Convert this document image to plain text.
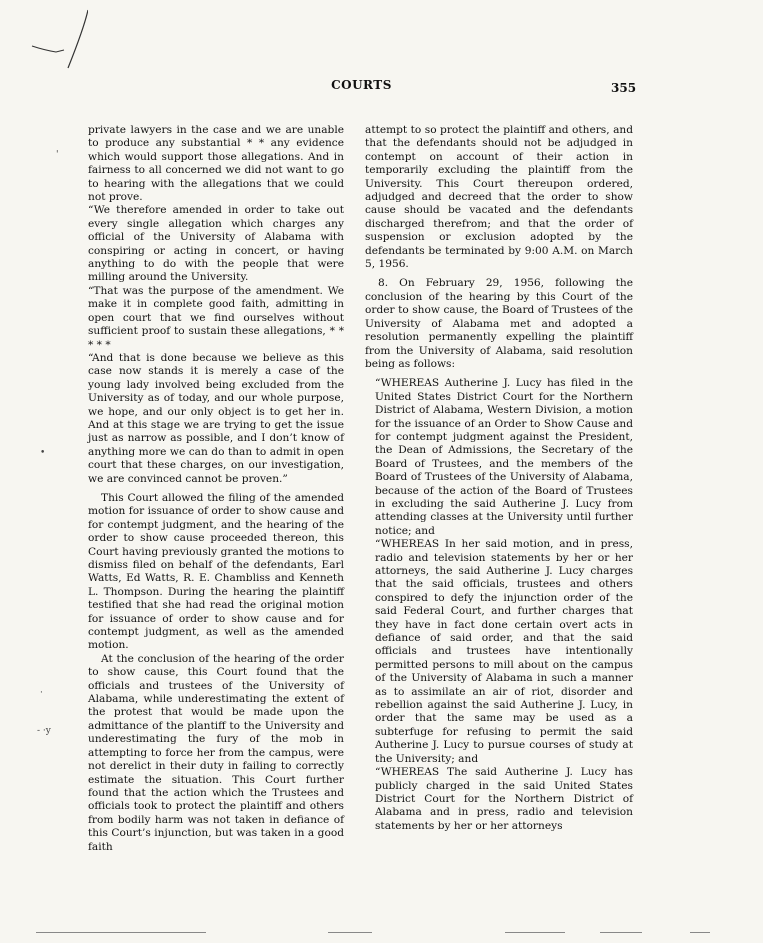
COURTS	355
'
•
·
- ·y

private lawyers in the case and we are unable to produce any substantial * * any evidence which would support those allegations. And in fairness to all concerned we did not want to go to hearing with the allegations that we could not prove.

“We therefore amended in order to take out every single allegation which charges any official of the University of Alabama with conspiring or acting in concert, or having anything to do with the people that were milling around the University.

“That was the purpose of the amendment. We make it in complete good faith, admitting in open court that we find ourselves without sufficient proof to sustain these allegations, * * * * *

“And that is done because we believe as this case now stands it is merely a case of the young lady involved being excluded from the University as of today, and our whole purpose, we hope, and our only object is to get her in. And at this stage we are trying to get the issue just as narrow as possible, and I don’t know of anything more we can do than to admit in open court that these charges, on our investigation, we are convinced cannot be proven.”

This Court allowed the filing of the amended motion for issuance of order to show cause and for contempt judgment, and the hearing of the order to show cause proceeded thereon, this Court having previously granted the motions to dismiss filed on behalf of the defendants, Earl Watts, Ed Watts, R. E. Chambliss and Kenneth L. Thompson. During the hearing the plaintiff testified that she had read the original motion for issuance of order to show cause and for contempt judgment, as well as the amended motion.

At the conclusion of the hearing of the order to show cause, this Court found that the officials and trustees of the University of Alabama, while underestimating the extent of the protest that would be made upon the admittance of the plantiff to the University and underestimating the fury of the mob in attempting to force her from the campus, were not derelict in their duty in failing to correctly estimate the situation. This Court further found that the action which the Trustees and officials took to protect the plaintiff and others from bodily harm was not taken in defiance of this Court’s injunction, but was taken in a good faith

attempt to so protect the plaintiff and others, and that the defendants should not be adjudged in contempt on account of their action in temporarily excluding the plaintiff from the University. This Court thereupon ordered, adjudged and decreed that the order to show cause should be vacated and the defendants discharged therefrom; and that the order of suspension or exclusion adopted by the defendants be terminated by 9:00 A.M. on March 5, 1956.

8. On February 29, 1956, following the conclusion of the hearing by this Court of the order to show cause, the Board of Trustees of the University of Alabama met and adopted a resolution permanently expelling the plaintiff from the University of Alabama, said resolution being as follows:

“WHEREAS Autherine J. Lucy has filed in the United States District Court for the Northern District of Alabama, Western Division, a motion for the issuance of an Order to Show Cause and for contempt judgment against the President, the Dean of Admissions, the Secretary of the Board of Trustees, and the members of the Board of Trustees of the University of Alabama, because of the action of the Board of Trustees in excluding the said Autherine J. Lucy from attending classes at the University until further notice; and

“WHEREAS In her said motion, and in press, radio and television statements by her or her attorneys, the said Autherine J. Lucy charges that the said officials, trustees and others conspired to defy the injunction order of the said Federal Court, and further charges that they have in fact done certain overt acts in defiance of said order, and that the said officials and trustees have intentionally permitted persons to mill about on the campus of the University of Alabama in such a manner as to assimilate an air of riot, disorder and rebellion against the said Autherine J. Lucy, in order that the same may be used as a subterfuge for refusing to permit the said Autherine J. Lucy to pursue courses of study at the University; and

“WHEREAS The said Autherine J. Lucy has publicly charged in the said United States District Court for the Northern District of Alabama and in press, radio and television statements by her or her attorneys
